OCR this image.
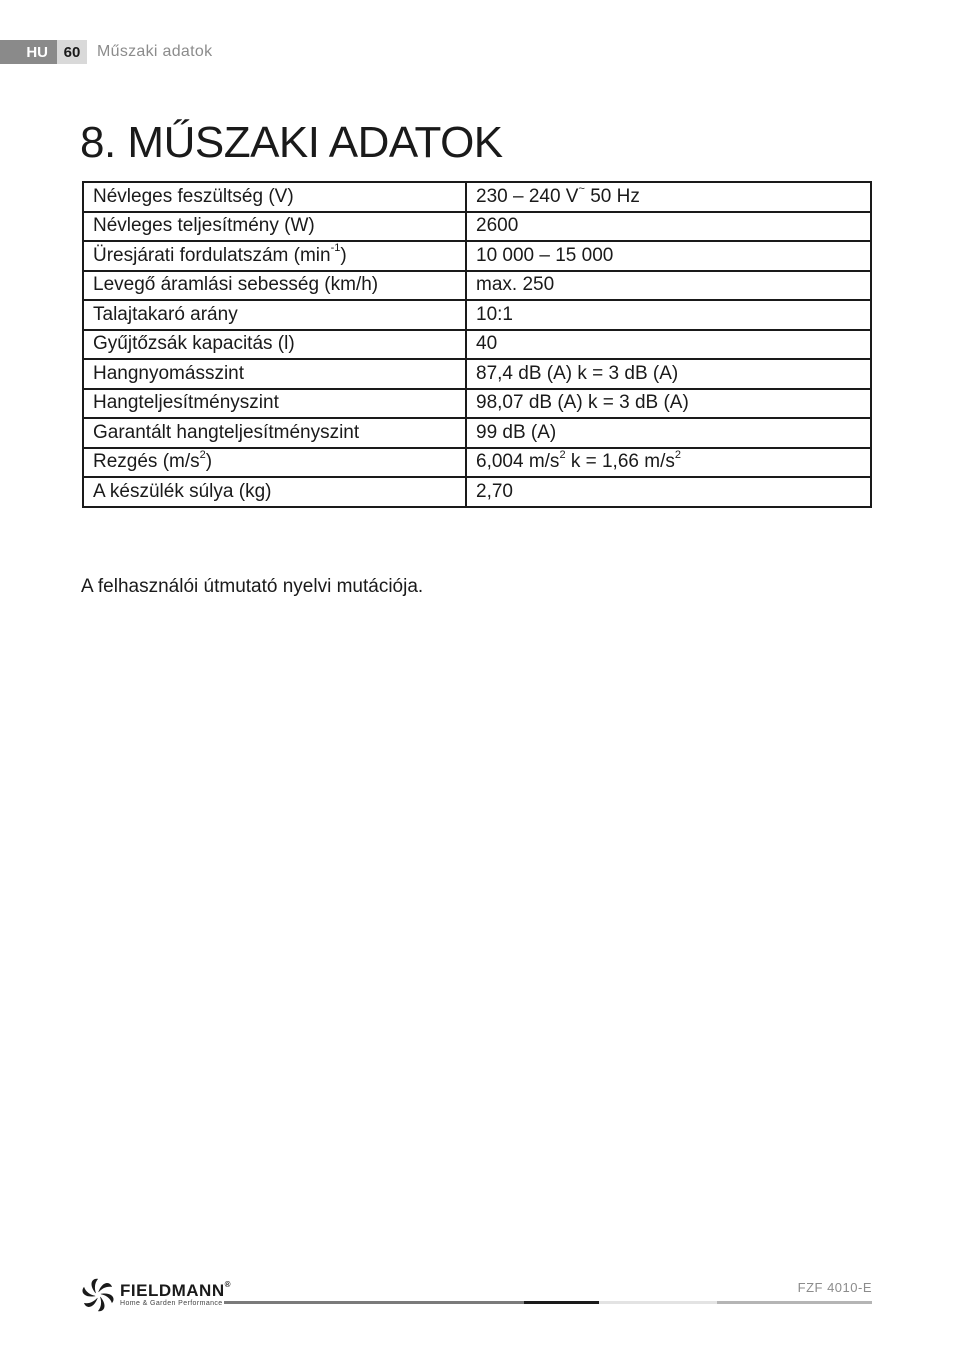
HU	60	Műszaki adatok
8. MŰSZAKI ADATOK
Névleges feszültség (V)	230 – 240 V~ 50 Hz
Névleges teljesítmény (W)	2600
Üresjárati fordulatszám $(\min^{-1})$	10 000 – 15 000
Levegő áramlási sebesség (km/h)	max. 250
Talajtakaró arány	10:1
Gyűjtőzsák kapacitás (l)	40
Hangnyomásszint	87,4 dB (A) k = 3 dB (A)
Hangteljesítményszint	98,07 dB (A) k = 3 dB (A)
Garantált hangteljesítményszint	99 dB (A)
Rezgés $(m/s^2)$	6,004 $m/s^2$ k = 1,66 $m/s^2$
A készülék súlya (kg)	2,70

A felhasználói útmutató nyelvi mutációja.

FIELDMANN®
Home & Garden Performance
FZF 4010-E
